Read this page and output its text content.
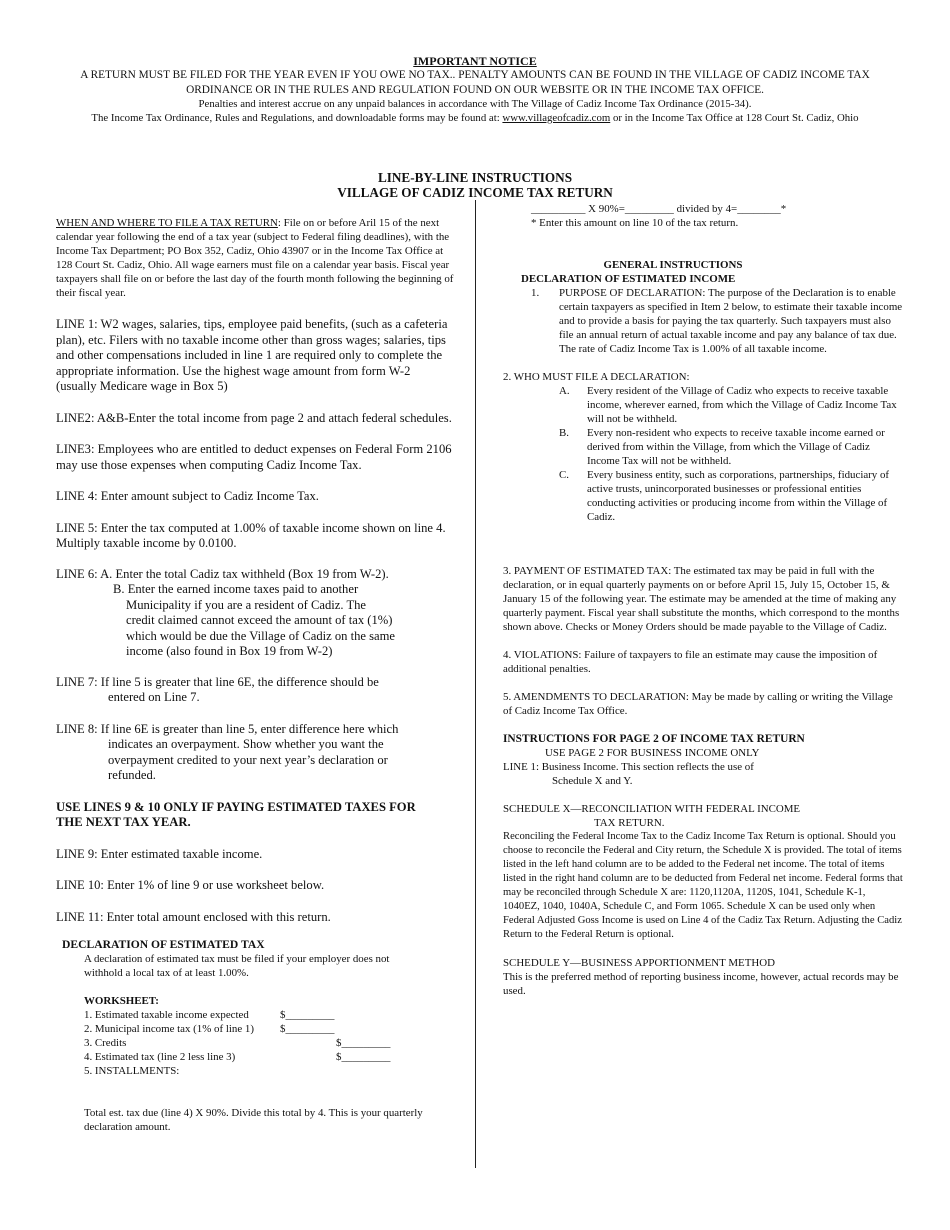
IMPORTANT NOTICE
A RETURN MUST BE FILED FOR THE YEAR EVEN IF YOU OWE NO TAX.. PENALTY AMOUNTS CAN BE FOUND IN THE VILLAGE OF CADIZ INCOME TAX ORDINANCE OR IN THE RULES AND REGULATION FOUND ON OUR WEBSITE OR IN THE INCOME TAX OFFICE.
Penalties and interest accrue on any unpaid balances in accordance with The Village of Cadiz Income Tax Ordinance (2015-34).
The Income Tax Ordinance, Rules and Regulations, and downloadable forms may be found at: www.villageofcadiz.com or in the Income Tax Office at 128 Court St. Cadiz, Ohio
LINE-BY-LINE INSTRUCTIONS
VILLAGE OF CADIZ INCOME TAX RETURN

WHEN AND WHERE TO FILE A TAX RETURN: File on or before Aril 15 of the next calendar year following the end of a tax year (subject to Federal filing deadlines), with the Income Tax Department; PO Box 352, Cadiz, Ohio 43907 or in the Income Tax Office at 128 Court St. Cadiz, Ohio. All wage earners must file on a calendar year basis. Fiscal year taxpayers shall file on or before the last day of the fourth month following the beginning of their fiscal year.

LINE 1: W2 wages, salaries, tips, employee paid benefits, (such as a cafeteria plan), etc. Filers with no taxable income other than gross wages; salaries, tips and other compensations included in line 1 are required only to complete the appropriate information. Use the highest wage amount from form W-2 (usually Medicare wage in Box 5)

LINE2: A&B-Enter the total income from page 2 and attach federal schedules.

LINE3: Employees who are entitled to deduct expenses on Federal Form 2106 may use those expenses when computing Cadiz Income Tax.

LINE 4: Enter amount subject to Cadiz Income Tax.

LINE 5: Enter the tax computed at 1.00% of taxable income shown on line 4. Multiply taxable income by 0.0100.

LINE 6: A. Enter the total Cadiz tax withheld (Box 19 from W-2).

B. Enter the earned income taxes paid to another

Municipality if you are a resident of Cadiz. The credit claimed cannot exceed the amount of tax (1%) which would be due the Village of Cadiz on the same income (also found in Box 19 from W-2)

LINE 7: If line 5 is greater that line 6E, the difference should be

entered on Line 7.

LINE 8: If line 6E is greater than line 5, enter difference here which

indicates an overpayment. Show whether you want the overpayment credited to your next year’s declaration or refunded.

USE LINES 9 & 10 ONLY IF PAYING ESTIMATED TAXES FOR THE NEXT TAX YEAR.

LINE 9: Enter estimated taxable income.

LINE 10: Enter 1% of line 9 or use worksheet below.

LINE 11: Enter total amount enclosed with this return.

DECLARATION OF ESTIMATED TAX

A declaration of estimated tax must be filed if your employer does not withhold a local tax of at least 1.00%.

WORKSHEET:

1. Estimated taxable income expected	$_________	
2. Municipal income tax (1% of line 1)	$_________	
3. Credits		$_________
4. Estimated tax (line 2 less line 3)		$_________
5. INSTALLMENTS:		

Total est. tax due (line 4) X 90%. Divide this total by 4. This is your quarterly declaration amount.

__________ X 90%=_________ divided by 4=________*

* Enter this amount on line 10 of the tax return.

GENERAL INSTRUCTIONS

DECLARATION OF ESTIMATED INCOME

1.	PURPOSE OF DECLARATION: The purpose of the Declaration is to enable certain taxpayers as specified in Item 2 below, to estimate their taxable income and to provide a basis for paying the tax quarterly. Such taxpayers must also file an annual return of actual taxable income and pay any balance of tax due. The rate of Cadiz Income Tax is 1.00% of all taxable income.

2. WHO MUST FILE A DECLARATION:

A.	Every resident of the Village of Cadiz who expects to receive taxable income, wherever earned, from which the Village of Cadiz Income Tax will not be withheld.
B.	Every non-resident who expects to receive taxable income earned or derived from within the Village, from which the Village of Cadiz Income Tax will not be withheld.
C.	Every business entity, such as corporations, partnerships, fiduciary of active trusts, unincorporated businesses or professional entities conducting activities or producing income from within the Village of Cadiz.

3. PAYMENT OF ESTIMATED TAX: The estimated tax may be paid in full with the declaration, or in equal quarterly payments on or before April 15, July 15, October 15, & January 15 of the following year. The estimate may be amended at the time of making any quarterly payment. Fiscal year shall substitute the months, which correspond to the months shown above. Checks or Money Orders should be made payable to the Village of Cadiz.

4. VIOLATIONS: Failure of taxpayers to file an estimate may cause the imposition of additional penalties.

5. AMENDMENTS TO DECLARATION: May be made by calling or writing the Village of Cadiz Income Tax Office.

INSTRUCTIONS FOR PAGE 2 OF INCOME TAX RETURN

USE PAGE 2 FOR BUSINESS INCOME ONLY

LINE 1: Business Income. This section reflects the use of

Schedule X and Y.

SCHEDULE X—RECONCILIATION WITH FEDERAL INCOME

TAX RETURN.

Reconciling the Federal Income Tax to the Cadiz Income Tax Return is optional. Should you choose to reconcile the Federal and City return, the Schedule X is provided. The total of items listed in the left hand column are to be added to the Federal net income. The total of items listed in the right hand column are to be deducted from Federal net income. Federal forms that may be reconciled through Schedule X are: 1120,1120A, 1120S, 1041, Schedule K-1, 1040EZ, 1040, 1040A, Schedule C, and Form 1065. Schedule X can be used only when Federal Adjusted Goss Income is used on Line 4 of the Cadiz Tax Return. Adjusting the Cadiz Return to the Federal Return is optional.

SCHEDULE Y—BUSINESS APPORTIONMENT METHOD

This is the preferred method of reporting business income, however, actual records may be used.
